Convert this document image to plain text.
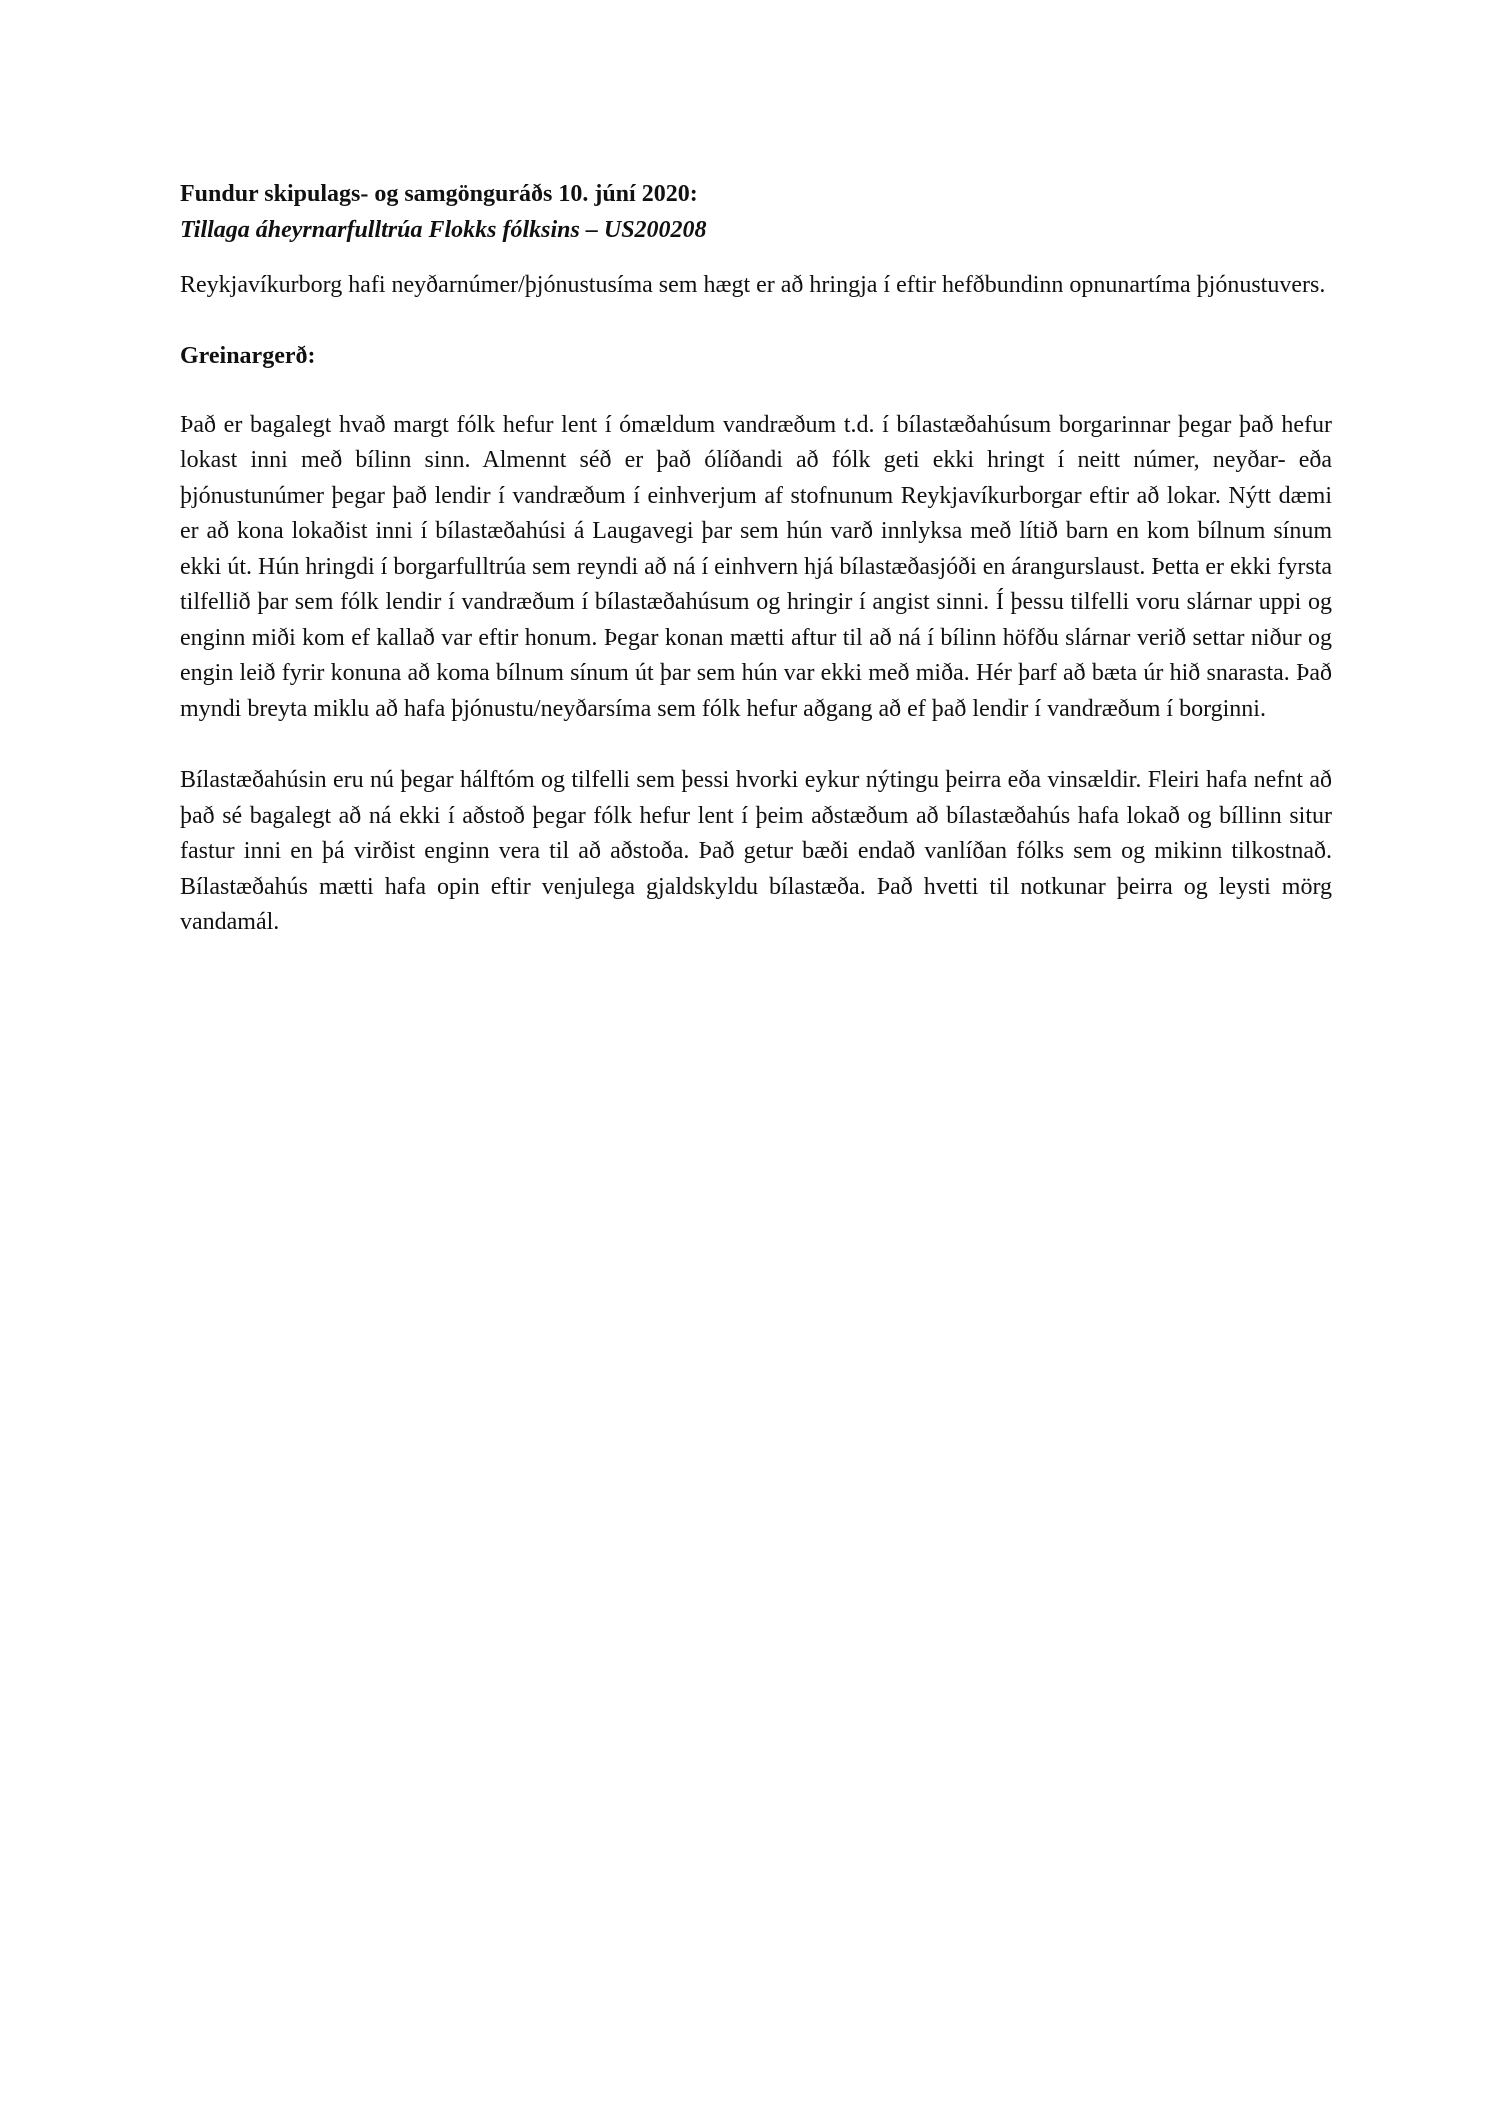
Fundur skipulags- og samgönguráðs 10. júní 2020:

Tillaga áheyrnarfulltrúa Flokks fólksins – US200208

Reykjavíkurborg hafi neyðarnúmer/þjónustusíma sem hægt er að hringja í eftir hefðbundinn opnunartíma þjónustuvers.

Greinargerð:

Það er bagalegt hvað margt fólk hefur lent í ómældum vandræðum t.d. í bílastæðahúsum borgarinnar þegar það hefur lokast inni með bílinn sinn. Almennt séð er það ólíðandi að fólk geti ekki hringt í neitt númer, neyðar- eða þjónustunúmer þegar það lendir í vandræðum í einhverjum af stofnunum Reykjavíkurborgar eftir að lokar. Nýtt dæmi er að kona lokaðist inni í bílastæðahúsi á Laugavegi þar sem hún varð innlyksa með lítið barn en kom bílnum sínum ekki út. Hún hringdi í borgarfulltrúa sem reyndi að ná í einhvern hjá bílastæðasjóði en árangurslaust. Þetta er ekki fyrsta tilfellið þar sem fólk lendir í vandræðum í bílastæðahúsum og hringir í angist sinni. Í þessu tilfelli voru slárnar uppi og enginn miði kom ef kallað var eftir honum. Þegar konan mætti aftur til að ná í bílinn höfðu slárnar verið settar niður og engin leið fyrir konuna að koma bílnum sínum út þar sem hún var ekki með miða. Hér þarf að bæta úr hið snarasta. Það myndi breyta miklu að hafa þjónustu/neyðarsíma sem fólk hefur aðgang að ef það lendir í vandræðum í borginni.

Bílastæðahúsin eru nú þegar hálftóm og tilfelli sem þessi hvorki eykur nýtingu þeirra eða vinsældir. Fleiri hafa nefnt að það sé bagalegt að ná ekki í aðstoð þegar fólk hefur lent í þeim aðstæðum að bílastæðahús hafa lokað og bíllinn situr fastur inni en þá virðist enginn vera til að aðstoða. Það getur bæði endað vanlíðan fólks sem og mikinn tilkostnað. Bílastæðahús mætti hafa opin eftir venjulega gjaldskyldu bílastæða. Það hvetti til notkunar þeirra og leysti mörg vandamál.
